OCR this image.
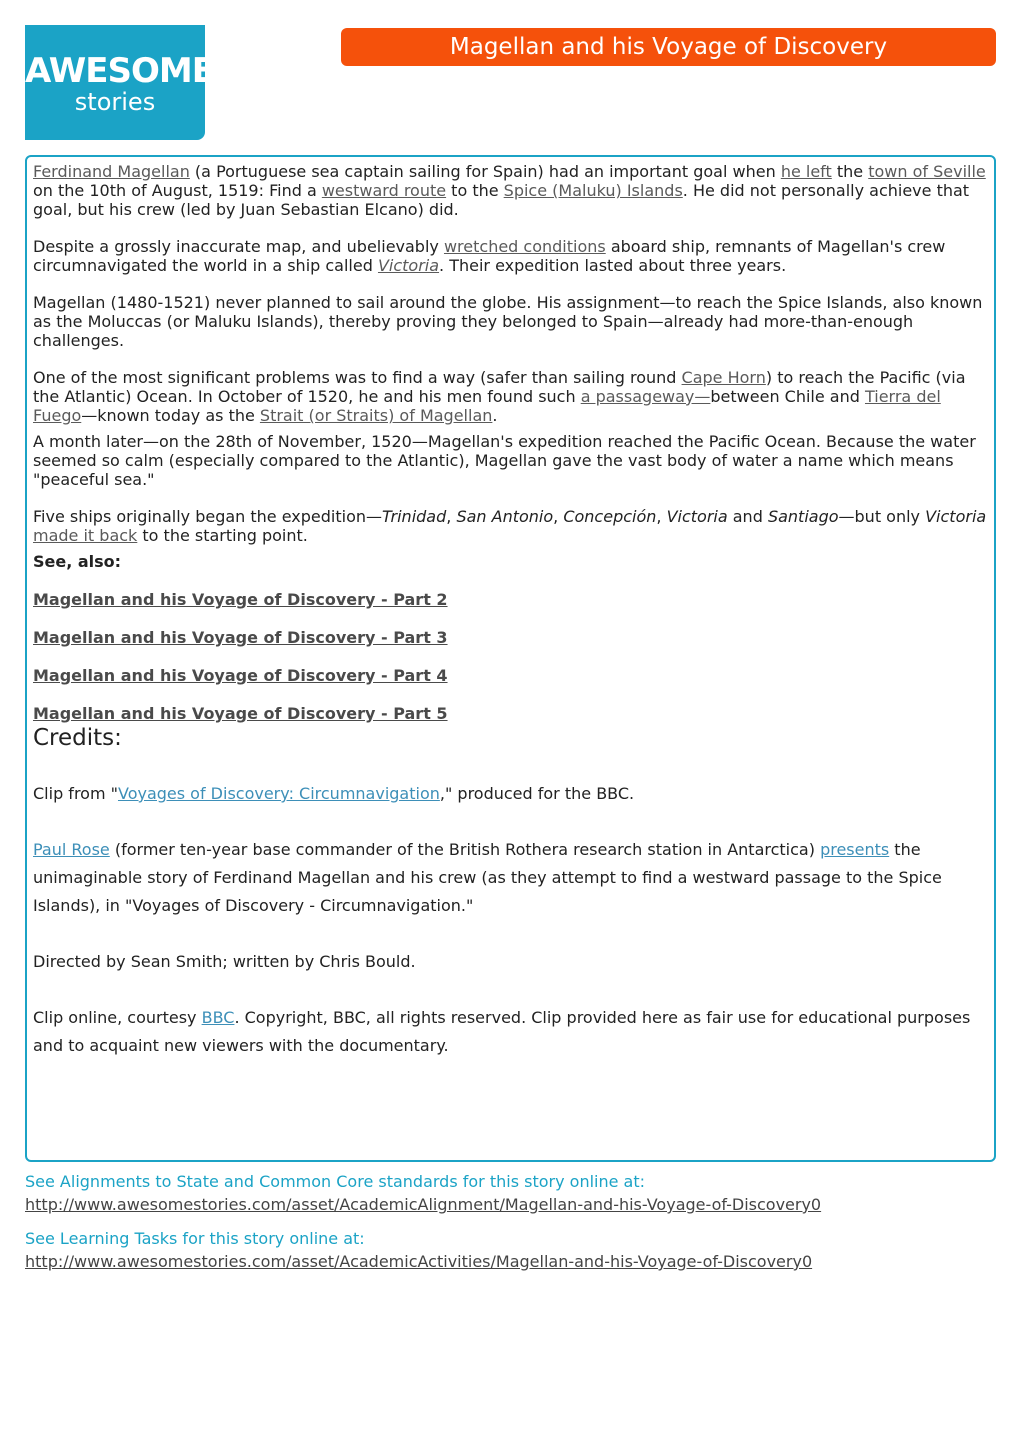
AWESOME
stories
Magellan and his Voyage of Discovery

Ferdinand Magellan (a Portuguese sea captain sailing for Spain) had an important goal when he left the town of Seville on the 10th of August, 1519: Find a westward route to the Spice (Maluku) Islands. He did not personally achieve that goal, but his crew (led by Juan Sebastian Elcano) did.

Despite a grossly inaccurate map, and ubelievably wretched conditions aboard ship, remnants of Magellan's crew circumnavigated the world in a ship called Victoria. Their expedition lasted about three years.

Magellan (1480-1521) never planned to sail around the globe. His assignment—to reach the Spice Islands, also known as the Moluccas (or Maluku Islands), thereby proving they belonged to Spain—already had more-than-enough challenges.

One of the most significant problems was to find a way (safer than sailing round Cape Horn) to reach the Pacific (via the Atlantic) Ocean. In October of 1520, he and his men found such a passageway—between Chile and Tierra del Fuego—known today as the Strait (or Straits) of Magellan.

A month later—on the 28th of November, 1520—Magellan's expedition reached the Pacific Ocean. Because the water seemed so calm (especially compared to the Atlantic), Magellan gave the vast body of water a name which means "peaceful sea."

Five ships originally began the expedition—Trinidad, San Antonio, Concepción, Victoria and Santiago—but only Victoria made it back to the starting point.

See, also:

Magellan and his Voyage of Discovery - Part 2
Magellan and his Voyage of Discovery - Part 3
Magellan and his Voyage of Discovery - Part 4
Magellan and his Voyage of Discovery - Part 5
Credits:

Clip from "Voyages of Discovery: Circumnavigation," produced for the BBC.

Paul Rose (former ten-year base commander of the British Rothera research station in Antarctica) presents the unimaginable story of Ferdinand Magellan and his crew (as they attempt to find a westward passage to the Spice Islands), in "Voyages of Discovery - Circumnavigation."

Directed by Sean Smith; written by Chris Bould.

Clip online, courtesy BBC. Copyright, BBC, all rights reserved. Clip provided here as fair use for educational purposes and to acquaint new viewers with the documentary.

See Alignments to State and Common Core standards for this story online at:
http://www.awesomestories.com/asset/AcademicAlignment/Magellan-and-his-Voyage-of-Discovery0
See Learning Tasks for this story online at:
http://www.awesomestories.com/asset/AcademicActivities/Magellan-and-his-Voyage-of-Discovery0
